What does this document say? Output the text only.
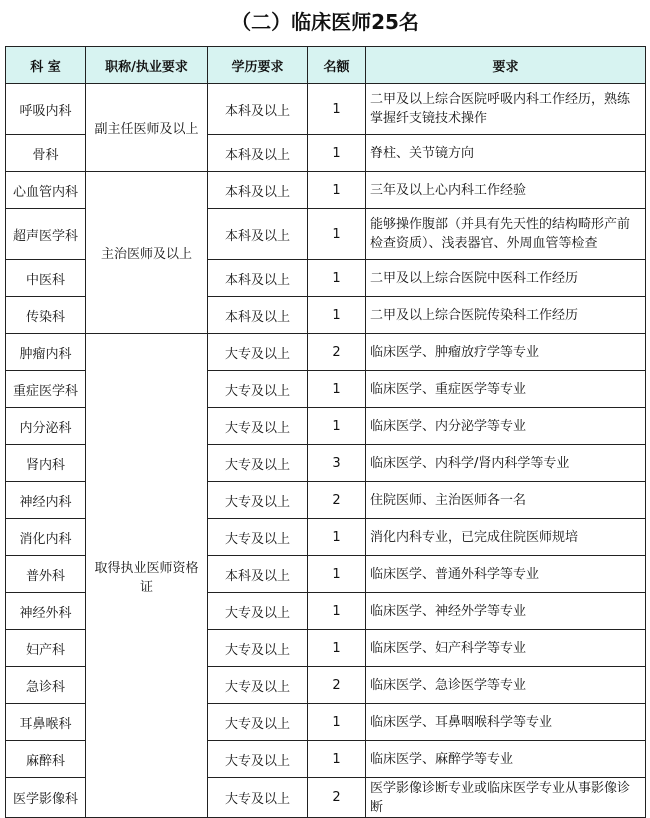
（二）临床医师25名
科 室	职称/执业要求	学历要求	名额	要求
呼吸内科	副主任医师及以上	本科及以上	1	二甲及以上综合医院呼吸内科工作经历，熟练掌握纤支镜技术操作
骨科		本科及以上	1	脊柱、关节镜方向
心血管内科	主治医师及以上	本科及以上	1	三年及以上心内科工作经验
超声医学科		本科及以上	1	能够操作腹部（并具有先天性的结构畸形产前检查资质）、浅表器官、外周血管等检查
中医科		本科及以上	1	二甲及以上综合医院中医科工作经历
传染科		本科及以上	1	二甲及以上综合医院传染科工作经历
肿瘤内科	取得执业医师资格证	大专及以上	2	临床医学、肿瘤放疗学等专业
重症医学科		大专及以上	1	临床医学、重症医学等专业
内分泌科		大专及以上	1	临床医学、内分泌学等专业
肾内科		大专及以上	3	临床医学、内科学/肾内科学等专业
神经内科		大专及以上	2	住院医师、主治医师各一名
消化内科		大专及以上	1	消化内科专业，已完成住院医师规培
普外科		本科及以上	1	临床医学、普通外科学等专业
神经外科		大专及以上	1	临床医学、神经外学等专业
妇产科		大专及以上	1	临床医学、妇产科学等专业
急诊科		大专及以上	2	临床医学、急诊医学等专业
耳鼻喉科		大专及以上	1	临床医学、耳鼻咽喉科学等专业
麻醉科		大专及以上	1	临床医学、麻醉学等专业
医学影像科		大专及以上	2	医学影像诊断专业或临床医学专业从事影像诊断
